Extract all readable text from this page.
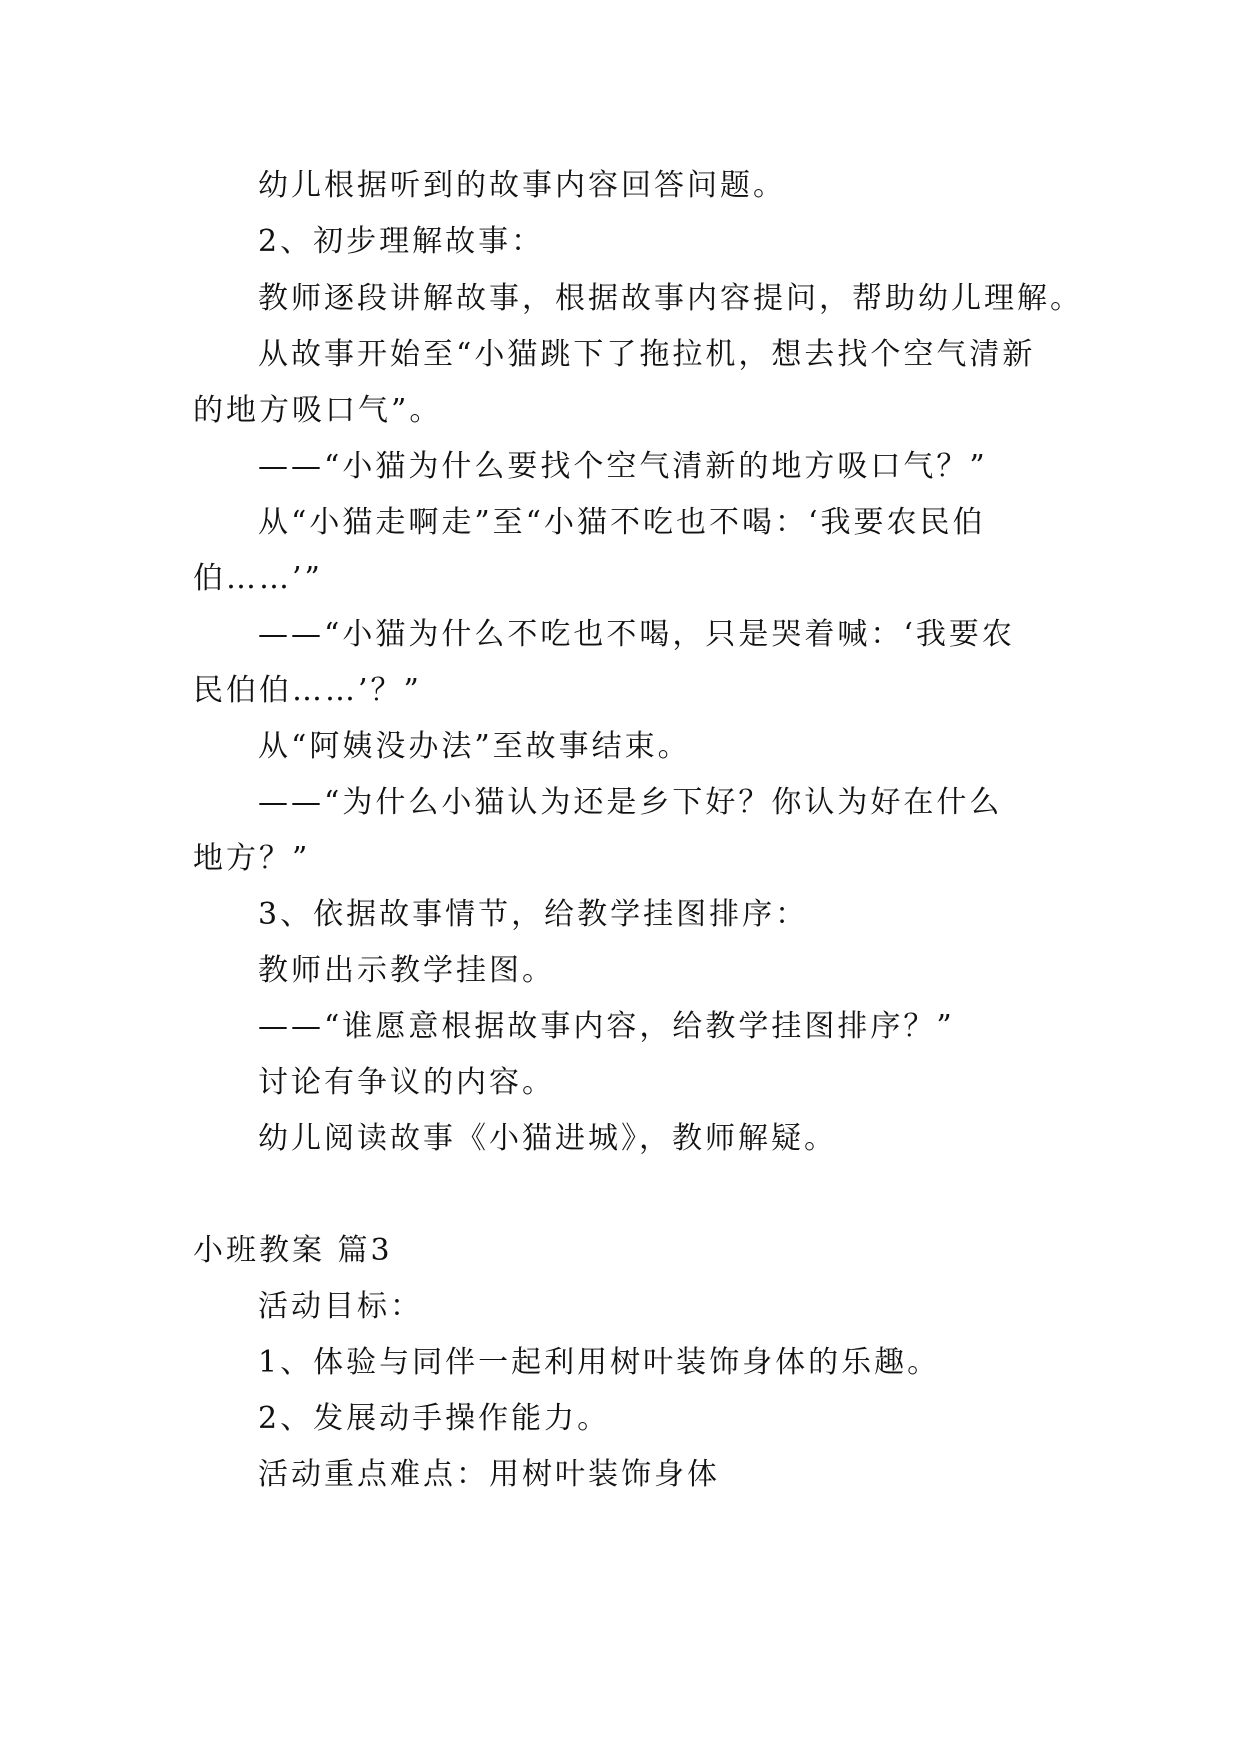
幼儿根据听到的故事内容回答问题。
2、初步理解故事：
教师逐段讲解故事，根据故事内容提问，帮助幼儿理解。
从故事开始至“小猫跳下了拖拉机，想去找个空气清新
的地方吸口气”。
——“小猫为什么要找个空气清新的地方吸口气？”
从“小猫走啊走”至“小猫不吃也不喝：‘我要农民伯
伯……’”
——“小猫为什么不吃也不喝，只是哭着喊：‘我要农
民伯伯……’？”
从“阿姨没办法”至故事结束。
——“为什么小猫认为还是乡下好？你认为好在什么
地方？”
3、依据故事情节，给教学挂图排序：
教师出示教学挂图。
——“谁愿意根据故事内容，给教学挂图排序？”
讨论有争议的内容。
幼儿阅读故事《小猫进城》，教师解疑。
小班教案 篇3
活动目标：
1、体验与同伴一起利用树叶装饰身体的乐趣。
2、发展动手操作能力。
活动重点难点：用树叶装饰身体
